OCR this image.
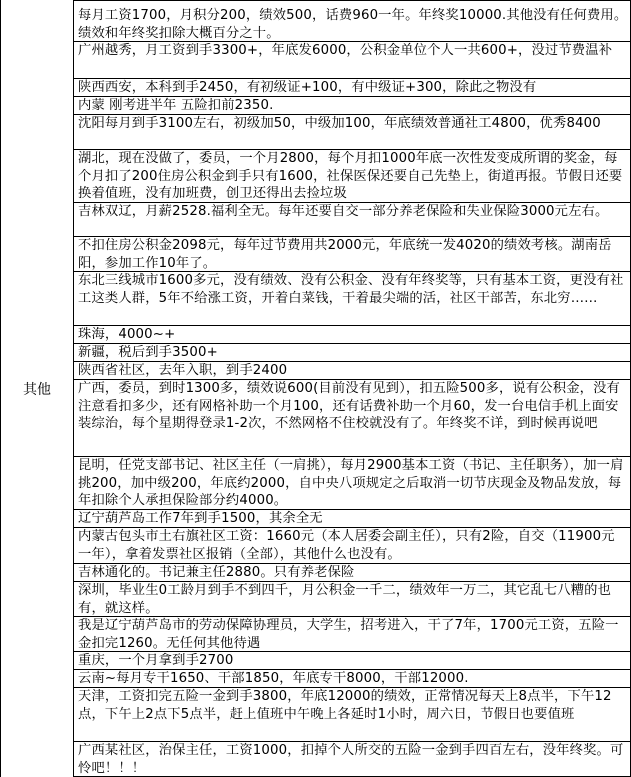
其他
每月工资1700，月积分200，绩效500，话费960一年。年终奖10000.其他没有任何费用。绩效和年终奖扣除大概百分之十。
广州越秀，月工资到手3300+，年底发6000，公积金单位个人一共600+，没过节费温补
陕西西安，本科到手2450，有初级证+100，有中级证+300，除此之物没有
内蒙 刚考进半年 五险扣前2350.
沈阳每月到手3100左右，初级加50，中级加100，年底绩效普通社工4800，优秀8400
湖北，现在没做了，委员，一个月2800，每个月扣1000年底一次性发变成所谓的奖金，每个月扣了200住房公积金到手只有1600，社保医保还要自己先垫上，街道再报。节假日还要换着值班，没有加班费，创卫还得出去捡垃圾
吉林双辽，月薪2528.福利全无。每年还要自交一部分养老保险和失业保险3000元左右。
不扣住房公积金2098元，每年过节费用共2000元，年底统一发4020的绩效考核。湖南岳阳，参加工作10年了。
东北三线城市1600多元，没有绩效、没有公积金、没有年终奖等，只有基本工资，更没有社工这类人群，5年不给涨工资，开着白菜钱，干着最尖端的活，社区干部苦，东北穷……
珠海，4000~+
新疆，税后到手3500+
陕西省社区，去年入职，到手2400
广西，委员，到时1300多，绩效说600(目前没有见到），扣五险500多，说有公积金，没有注意看扣多少，还有网格补助一个月100，还有话费补助一个月60，发一台电信手机上面安装综治，每个星期得登录1-2次，不然网格不住校就没有了。年终奖不详，到时候再说吧
昆明，任党支部书记、社区主任（一肩挑），每月2900基本工资（书记、主任职务），加一肩挑200，加中级200，年底约2000，自中央八项规定之后取消一切节庆现金及物品发放，每年扣除个人承担保险部分约4000。
辽宁葫芦岛工作7年到手1500，其余全无
内蒙古包头市土右旗社区工资：1660元（本人居委会副主任），只有2险，自交（11900元一年），拿着发票社区报销（全部），其他什么也没有。
吉林通化的。书记兼主任2880。只有养老保险
深圳，毕业生0工龄月到手不到四千，月公积金一千二，绩效年一万二，其它乱七八糟的也有，就这样。
我是辽宁葫芦岛市的劳动保障协理员，大学生，招考进入，干了7年，1700元工资，五险一金扣完1260。无任何其他待遇
重庆，一个月拿到手2700
云南~每月专干1650、干部1850，年底专干8000，干部12000.
天津，工资扣完五险一金到手3800，年底12000的绩效，正常情况每天上8点半，下午12点，下午上2点下5点半，赶上值班中午晚上各延时1小时，周六日，节假日也要值班
广西某社区，治保主任，工资1000，扣掉个人所交的五险一金到手四百左右，没年终奖。可怜吧！！！
